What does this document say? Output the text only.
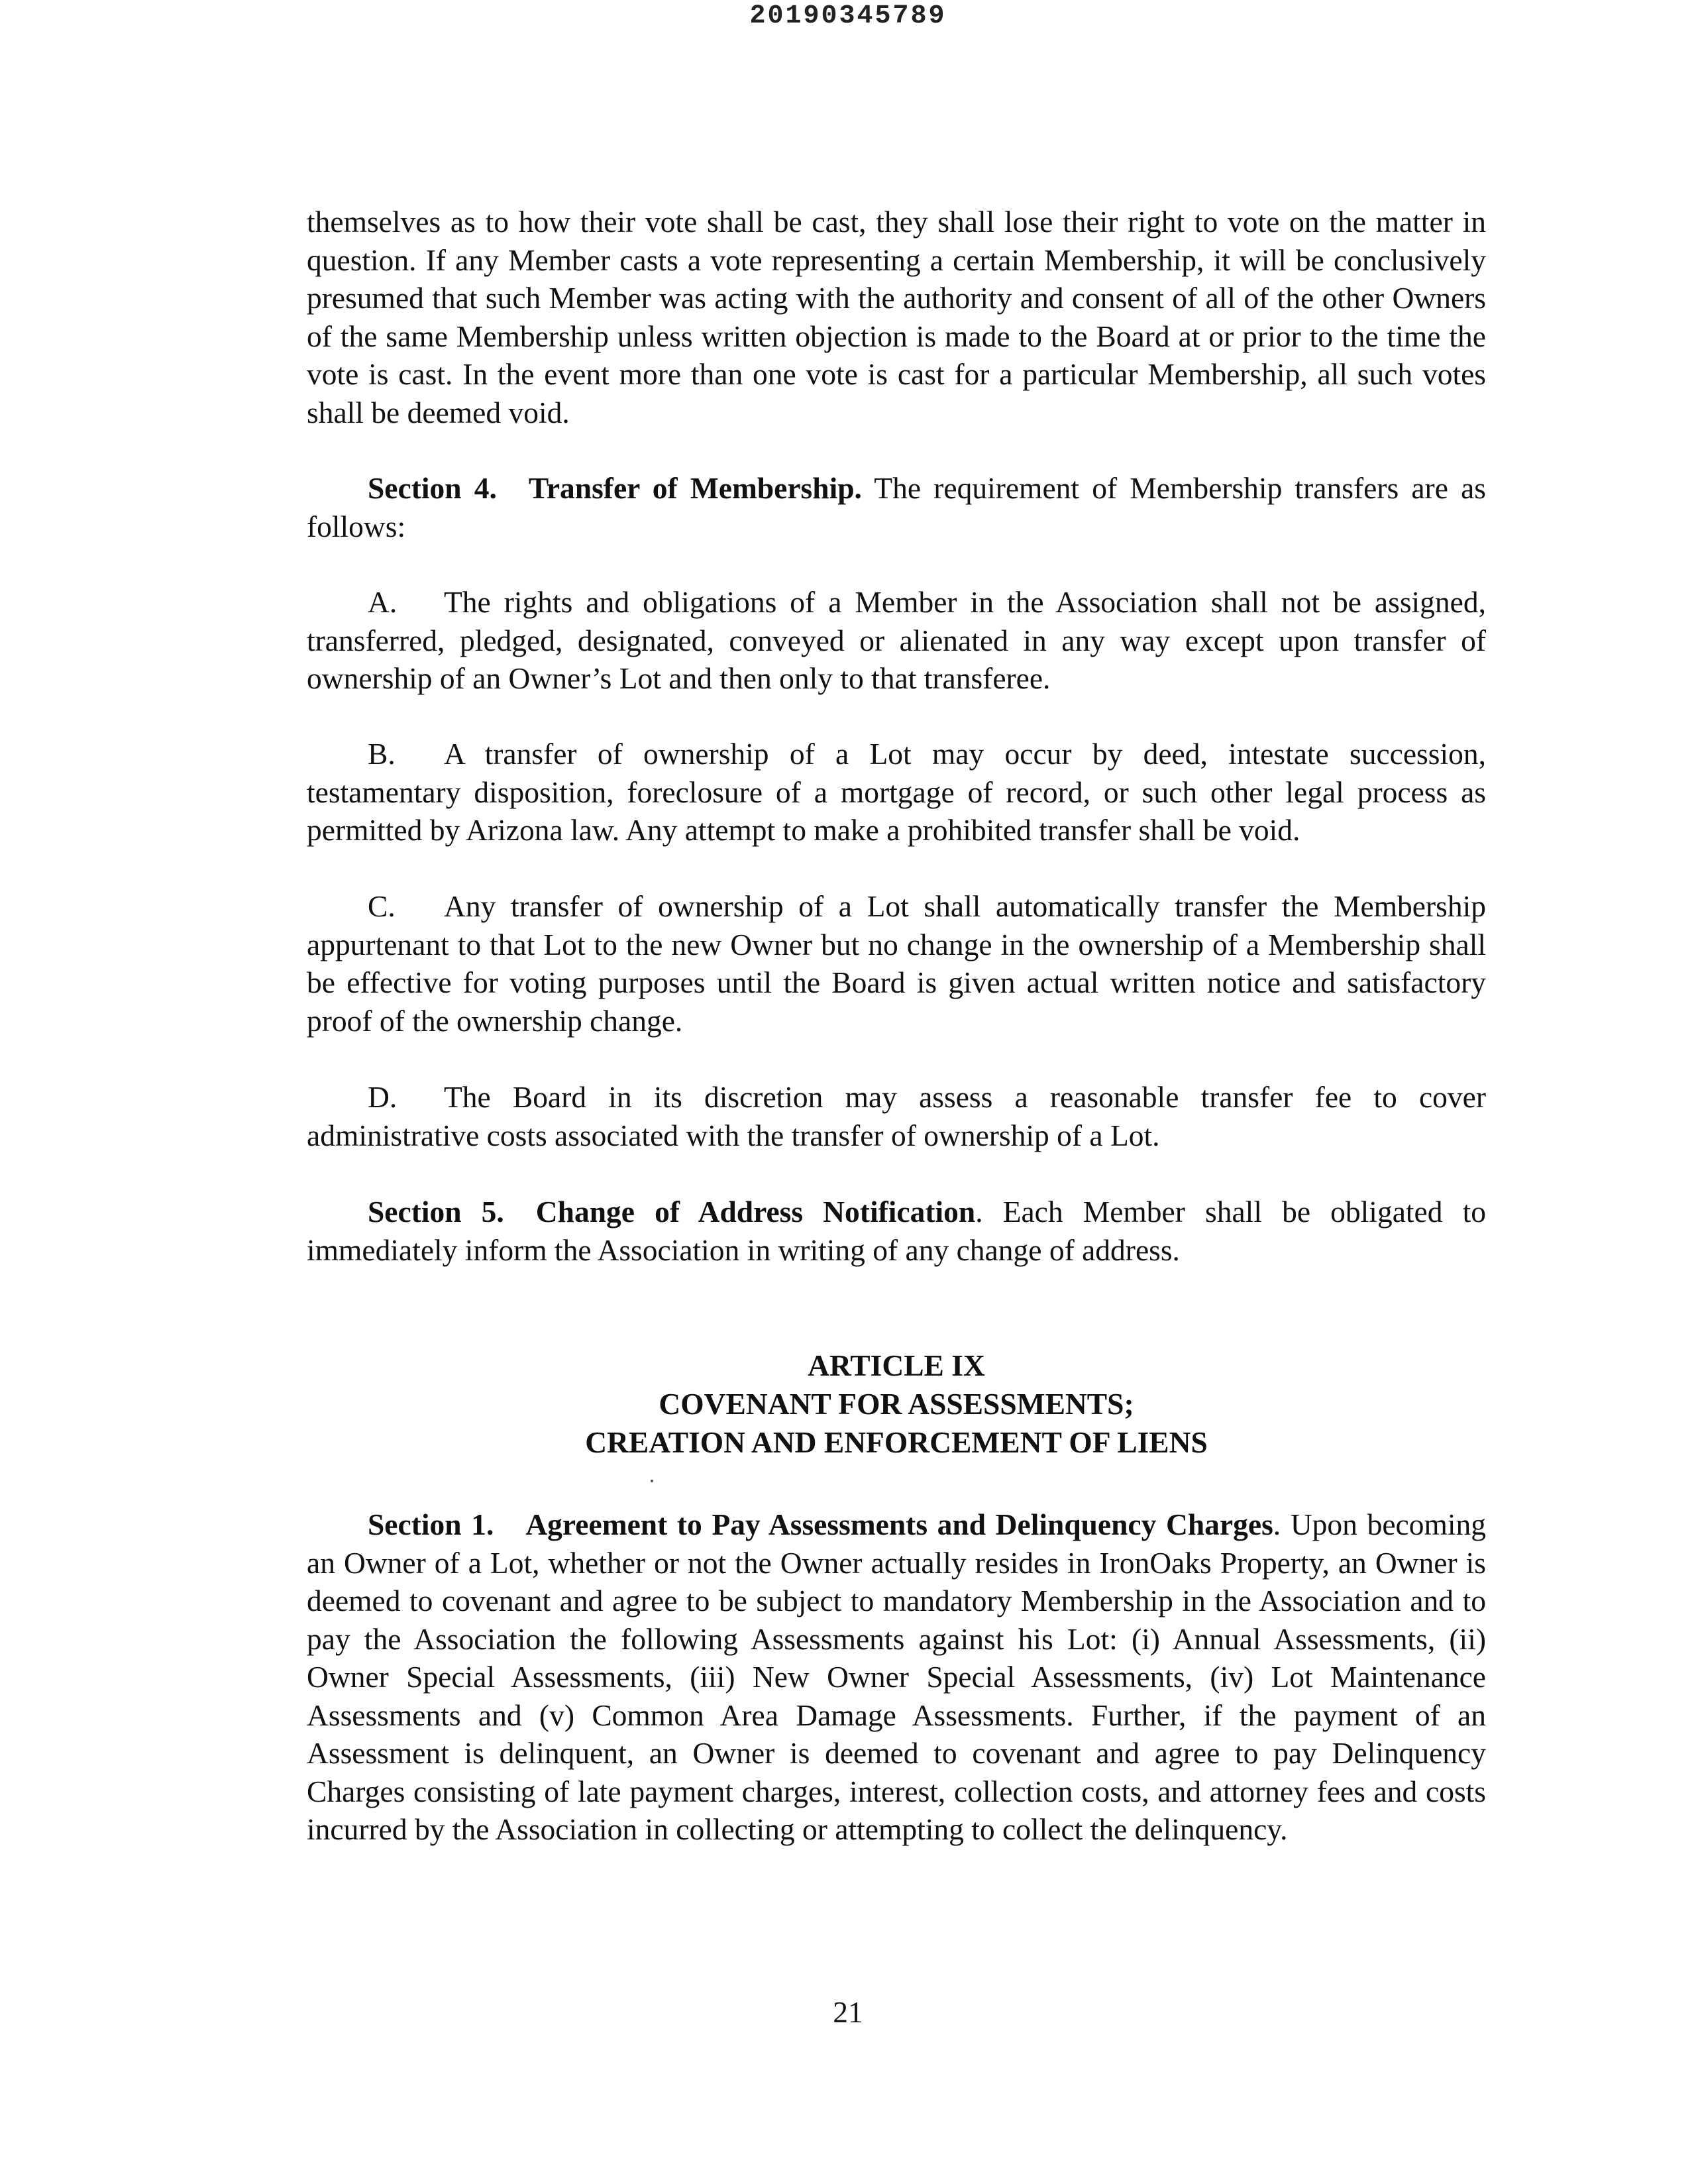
20190345789

themselves as to how their vote shall be cast, they shall lose their right to vote on the matter in question. If any Member casts a vote representing a certain Membership, it will be conclusively presumed that such Member was acting with the authority and consent of all of the other Owners of the same Membership unless written objection is made to the Board at or prior to the time the vote is cast. In the event more than one vote is cast for a particular Membership, all such votes shall be deemed void.

Section 4. Transfer of Membership. The requirement of Membership transfers are as follows:

A. The rights and obligations of a Member in the Association shall not be assigned, transferred, pledged, designated, conveyed or alienated in any way except upon transfer of ownership of an Owner’s Lot and then only to that transferee.

B. A transfer of ownership of a Lot may occur by deed, intestate succession, testamentary disposition, foreclosure of a mortgage of record, or such other legal process as permitted by Arizona law. Any attempt to make a prohibited transfer shall be void.

C. Any transfer of ownership of a Lot shall automatically transfer the Membership appurtenant to that Lot to the new Owner but no change in the ownership of a Membership shall be effective for voting purposes until the Board is given actual written notice and satisfactory proof of the ownership change.

D. The Board in its discretion may assess a reasonable transfer fee to cover administrative costs associated with the transfer of ownership of a Lot.

Section 5. Change of Address Notification. Each Member shall be obligated to immediately inform the Association in writing of any change of address.

ARTICLE IX
COVENANT FOR ASSESSMENTS;
CREATION AND ENFORCEMENT OF LIENS

Section 1. Agreement to Pay Assessments and Delinquency Charges. Upon becoming an Owner of a Lot, whether or not the Owner actually resides in IronOaks Property, an Owner is deemed to covenant and agree to be subject to mandatory Membership in the Association and to pay the Association the following Assessments against his Lot: (i) Annual Assessments, (ii) Owner Special Assessments, (iii) New Owner Special Assessments, (iv) Lot Maintenance Assessments and (v) Common Area Damage Assessments. Further, if the payment of an Assessment is delinquent, an Owner is deemed to covenant and agree to pay Delinquency Charges consisting of late payment charges, interest, collection costs, and attorney fees and costs incurred by the Association in collecting or attempting to collect the delinquency.

21
